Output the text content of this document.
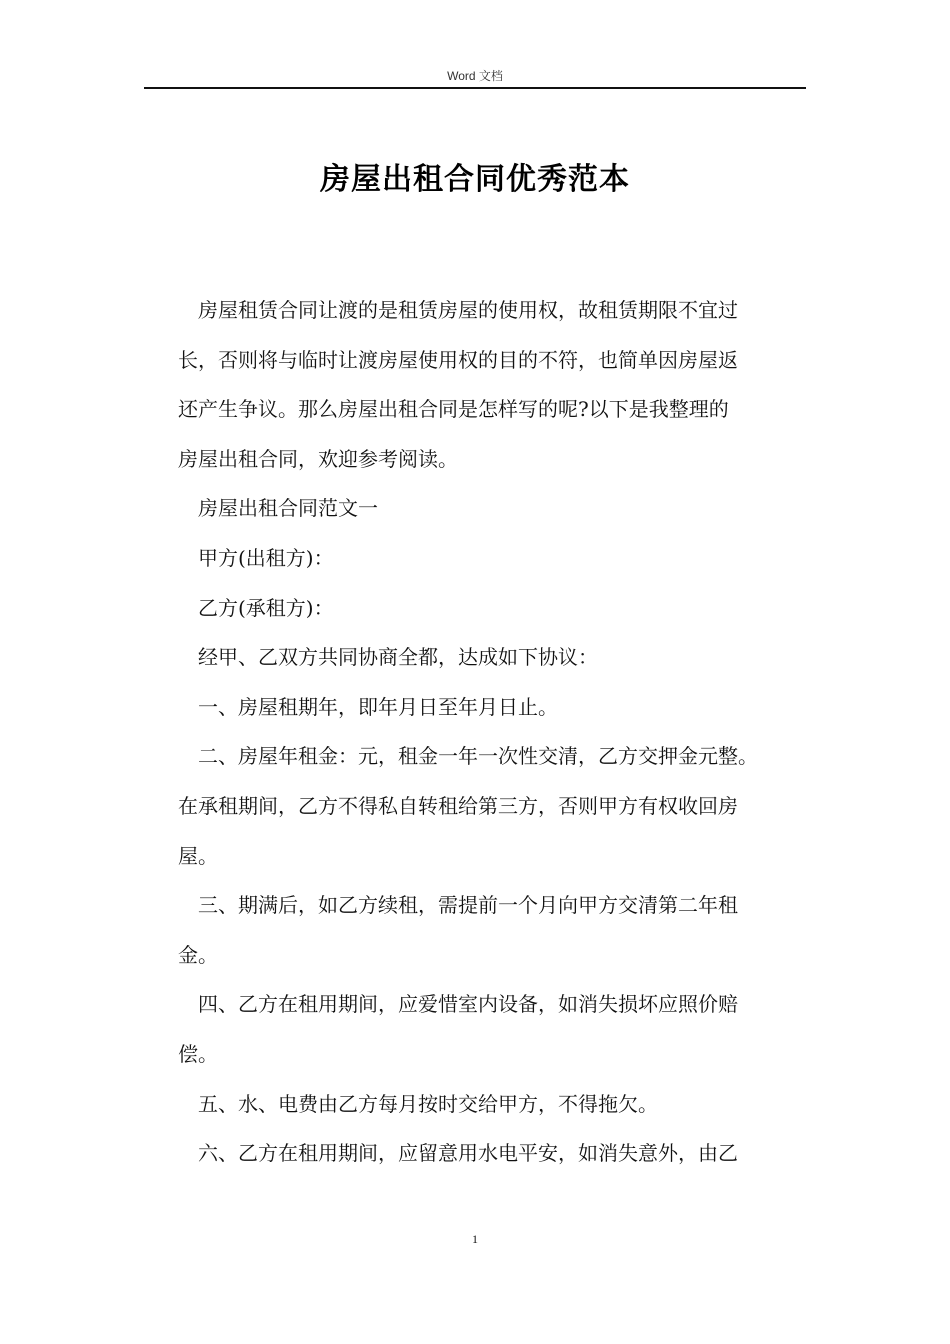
Word 文档
房屋出租合同优秀范本

房屋租赁合同让渡的是租赁房屋的使用权，故租赁期限不宜过

长，否则将与临时让渡房屋使用权的目的不符，也简单因房屋返

还产生争议。那么房屋出租合同是怎样写的呢?以下是我整理的

房屋出租合同，欢迎参考阅读。

房屋出租合同范文一

甲方(出租方)：

乙方(承租方)：

经甲、乙双方共同协商全都，达成如下协议：

一、房屋租期年，即年月日至年月日止。

二、房屋年租金：元，租金一年一次性交清，乙方交押金元整。

在承租期间，乙方不得私自转租给第三方，否则甲方有权收回房

屋。

三、期满后，如乙方续租，需提前一个月向甲方交清第二年租

金。

四、乙方在租用期间，应爱惜室内设备，如消失损坏应照价赔

偿。

五、水、电费由乙方每月按时交给甲方，不得拖欠。

六、乙方在租用期间，应留意用水电平安，如消失意外，由乙

1
